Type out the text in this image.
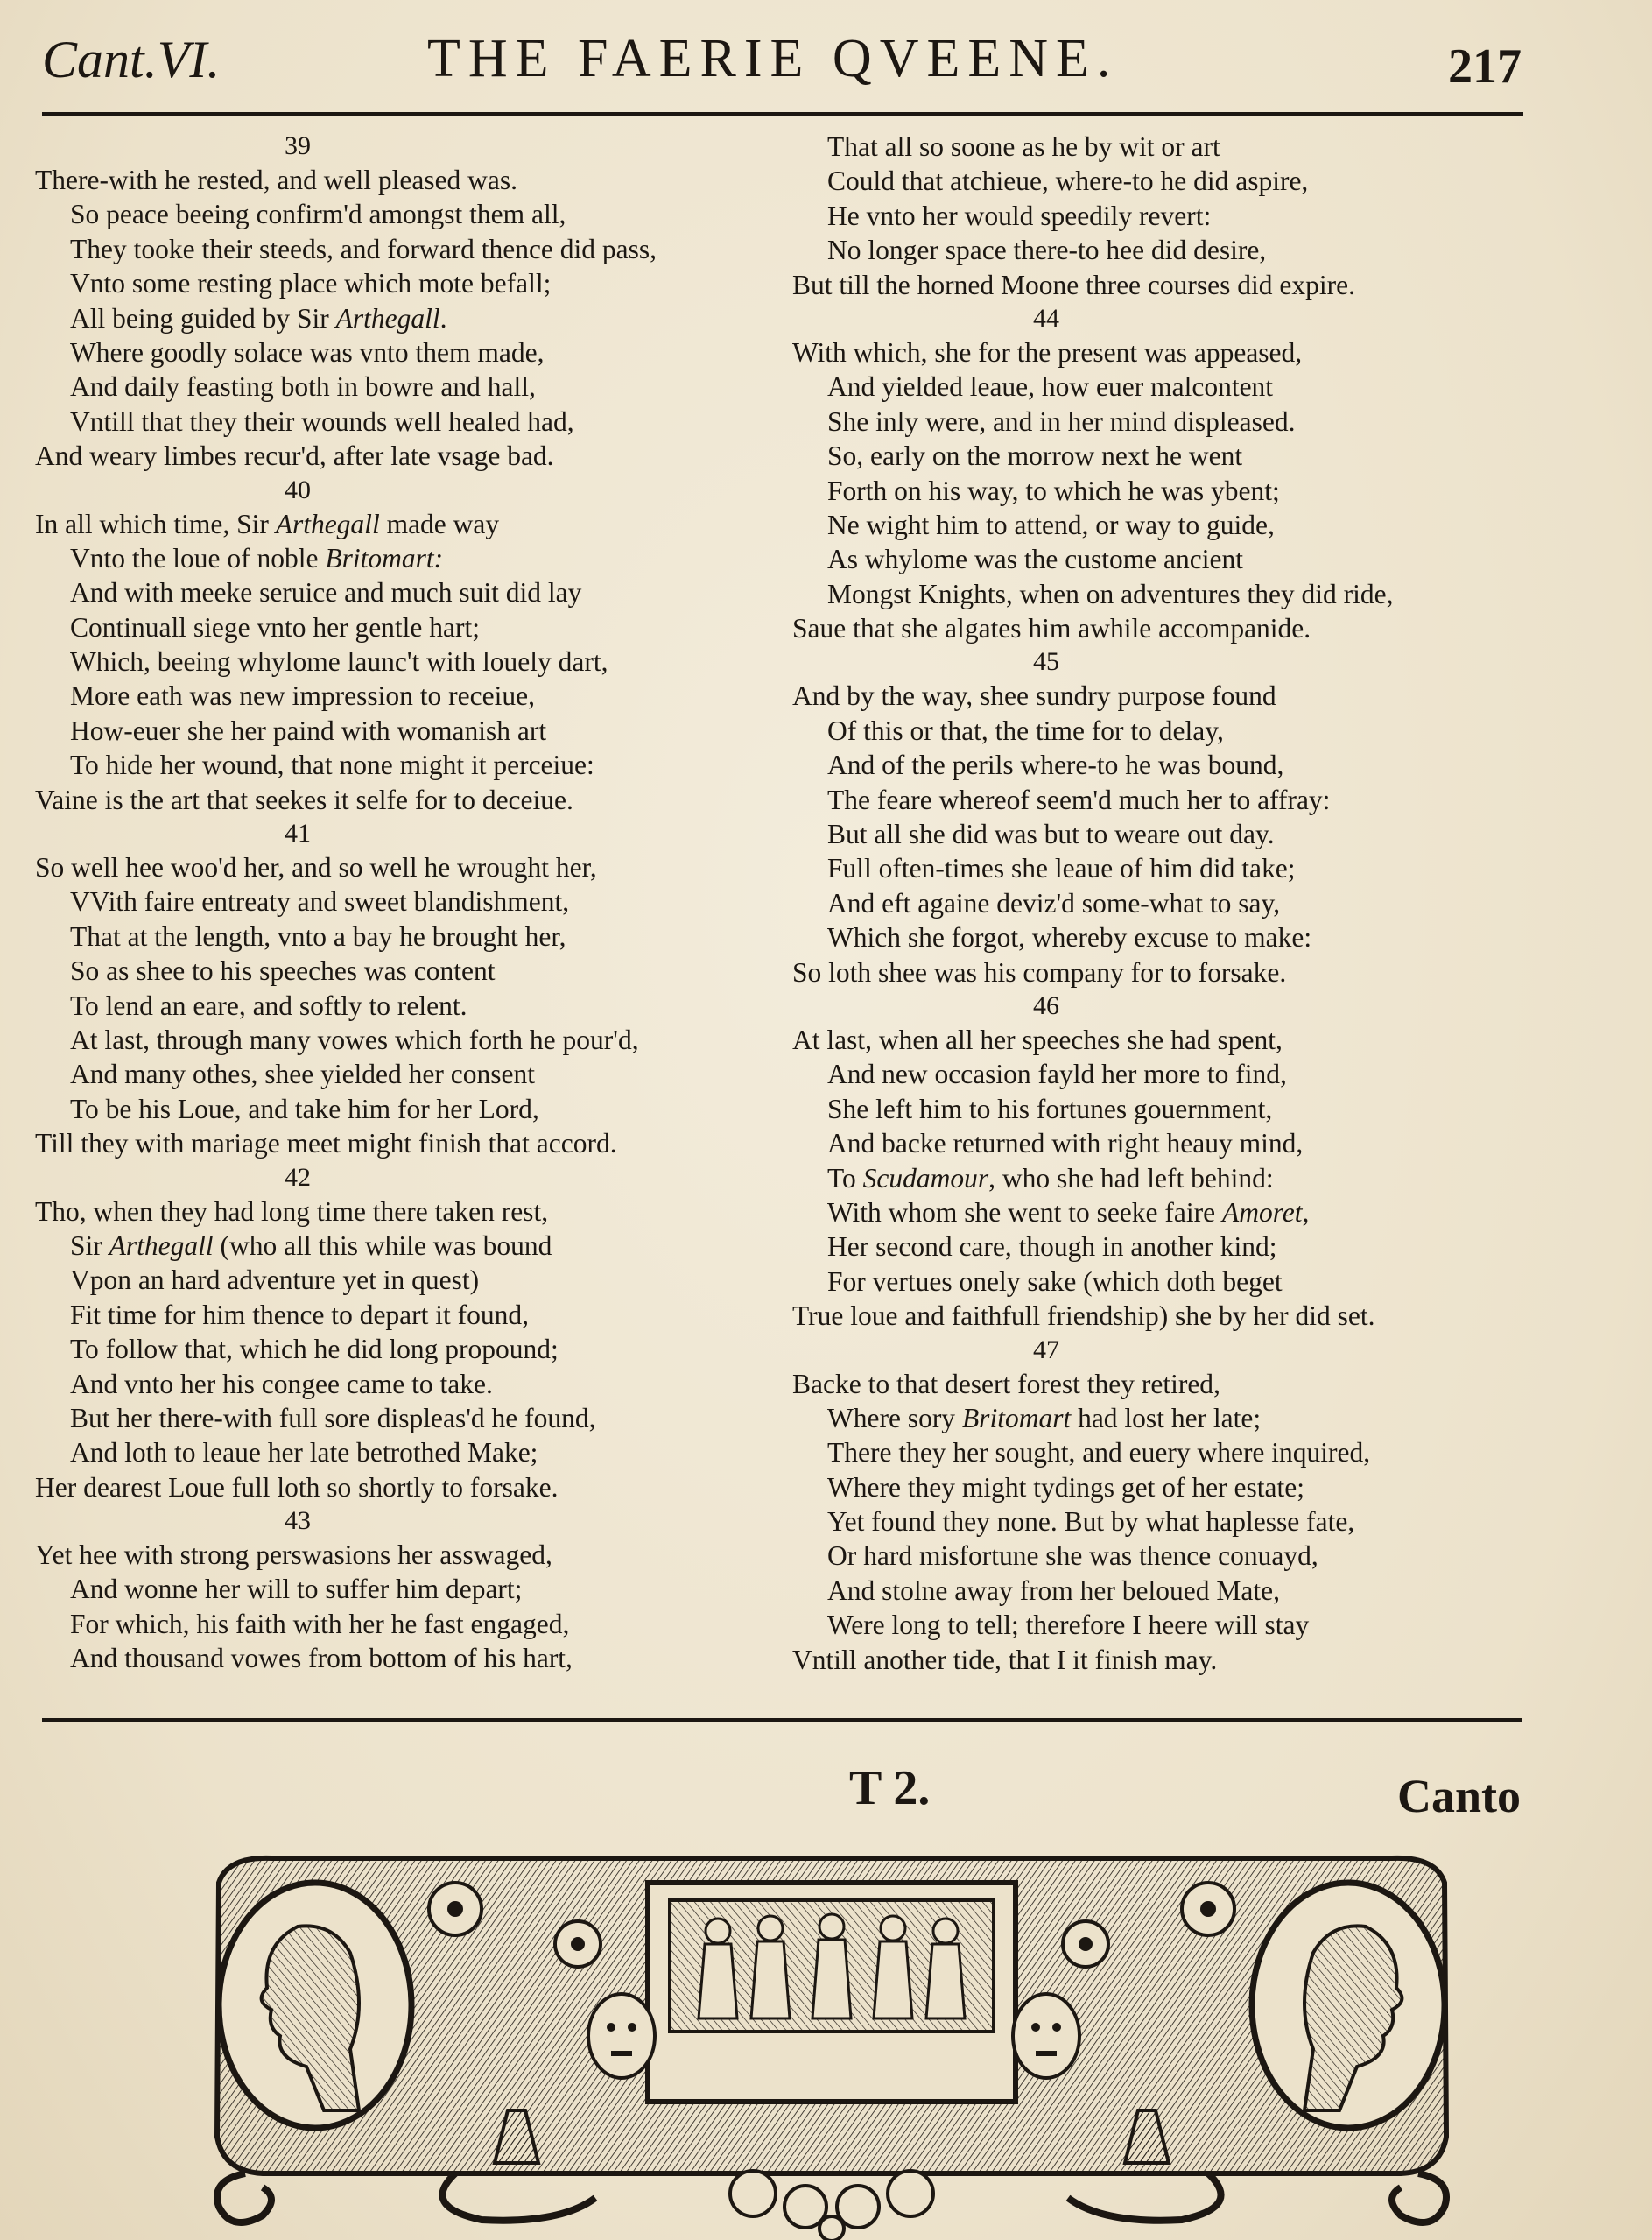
Cant.VI.	THE FAERIE QVEENE.	217
39
There-with he rested, and well pleased was.
So peace beeing confirm'd amongst them all,
They tooke their steeds, and forward thence did pass,
Vnto some resting place which mote befall;
All being guided by Sir Arthegall.
Where goodly solace was vnto them made,
And daily feasting both in bowre and hall,
Vntill that they their wounds well healed had,
And weary limbes recur'd, after late vsage bad.
40
In all which time, Sir Arthegall made way
Vnto the loue of noble Britomart:
And with meeke seruice and much suit did lay
Continuall siege vnto her gentle hart;
Which, beeing whylome launc't with louely dart,
More eath was new impression to receiue,
How-euer she her paind with womanish art
To hide her wound, that none might it perceiue:
Vaine is the art that seekes it selfe for to deceiue.
41
So well hee woo'd her, and so well he wrought her,
VVith faire entreaty and sweet blandishment,
That at the length, vnto a bay he brought her,
So as shee to his speeches was content
To lend an eare, and softly to relent.
At last, through many vowes which forth he pour'd,
And many othes, shee yielded her consent
To be his Loue, and take him for her Lord,
Till they with mariage meet might finish that accord.
42
Tho, when they had long time there taken rest,
Sir Arthegall (who all this while was bound
Vpon an hard adventure yet in quest)
Fit time for him thence to depart it found,
To follow that, which he did long propound;
And vnto her his congee came to take.
But her there-with full sore displeas'd he found,
And loth to leaue her late betrothed Make;
Her dearest Loue full loth so shortly to forsake.
43
Yet hee with strong perswasions her asswaged,
And wonne her will to suffer him depart;
For which, his faith with her he fast engaged,
And thousand vowes from bottom of his hart,
That all so soone as he by wit or art
Could that atchieue, where-to he did aspire,
He vnto her would speedily revert:
No longer space there-to hee did desire,
But till the horned Moone three courses did expire.
44
With which, she for the present was appeased,
And yielded leaue, how euer malcontent
She inly were, and in her mind displeased.
So, early on the morrow next he went
Forth on his way, to which he was ybent;
Ne wight him to attend, or way to guide,
As whylome was the custome ancient
Mongst Knights, when on adventures they did ride,
Saue that she algates him awhile accompanide.
45
And by the way, shee sundry purpose found
Of this or that, the time for to delay,
And of the perils where-to he was bound,
The feare whereof seem'd much her to affray:
But all she did was but to weare out day.
Full often-times she leaue of him did take;
And eft againe deviz'd some-what to say,
Which she forgot, whereby excuse to make:
So loth shee was his company for to forsake.
46
At last, when all her speeches she had spent,
And new occasion fayld her more to find,
She left him to his fortunes gouernment,
And backe returned with right heauy mind,
To Scudamour, who she had left behind:
With whom she went to seeke faire Amoret,
Her second care, though in another kind;
For vertues onely sake (which doth beget
True loue and faithfull friendship) she by her did set.
47
Backe to that desert forest they retired,
Where sory Britomart had lost her late;
There they her sought, and euery where inquired,
Where they might tydings get of her estate;
Yet found they none. But by what haplesse fate,
Or hard misfortune she was thence conuayd,
And stolne away from her beloued Mate,
Were long to tell; therefore I heere will stay
Vntill another tide, that I it finish may.
T 2.	Canto
